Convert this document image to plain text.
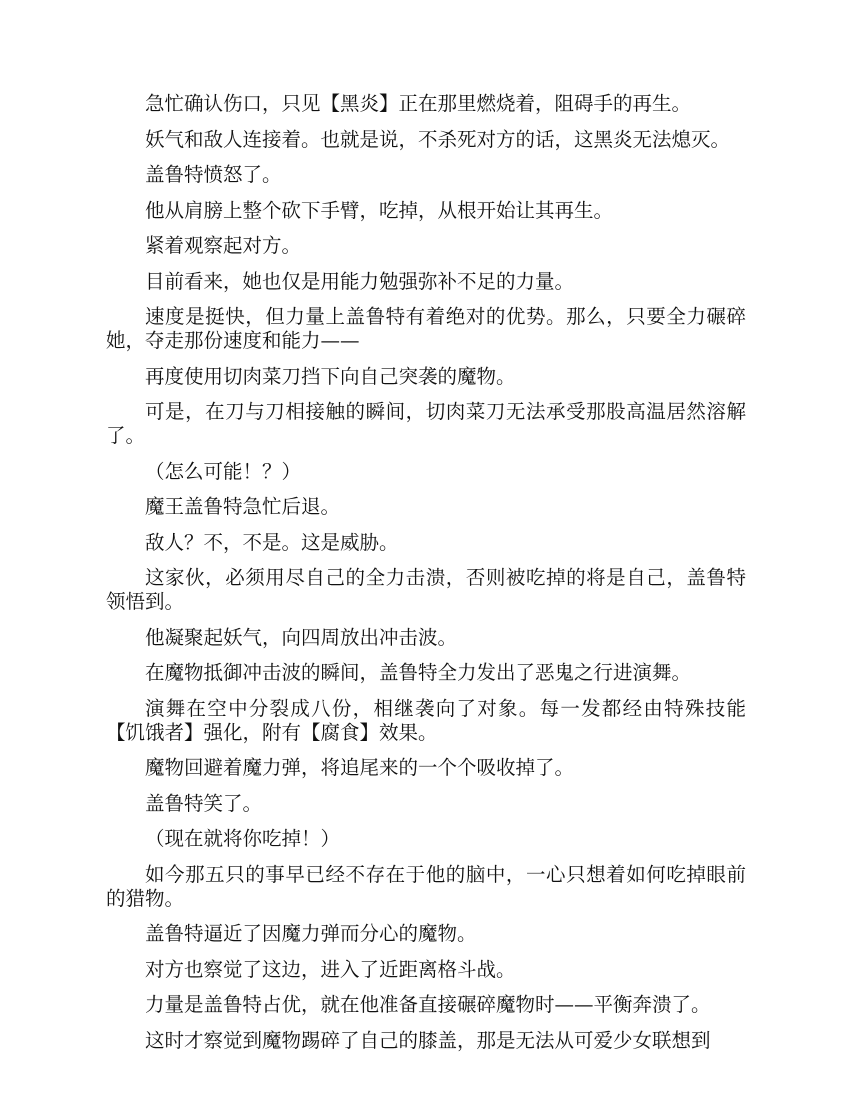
急忙确认伤口，只见【黑炎】正在那里燃烧着，阻碍手的再生。

妖气和敌人连接着。也就是说，不杀死对方的话，这黑炎无法熄灭。

盖鲁特愤怒了。

他从肩膀上整个砍下手臂，吃掉，从根开始让其再生。

紧着观察起对方。

目前看来，她也仅是用能力勉强弥补不足的力量。

速度是挺快，但力量上盖鲁特有着绝对的优势。那么，只要全力碾碎她，夺走那份速度和能力——

再度使用切肉菜刀挡下向自己突袭的魔物。

可是，在刀与刀相接触的瞬间，切肉菜刀无法承受那股高温居然溶解了。

（怎么可能！？）

魔王盖鲁特急忙后退。

敌人？不，不是。这是威胁。

这家伙，必须用尽自己的全力击溃，否则被吃掉的将是自己，盖鲁特领悟到。

他凝聚起妖气，向四周放出冲击波。

在魔物抵御冲击波的瞬间，盖鲁特全力发出了恶鬼之行进演舞。

演舞在空中分裂成八份，相继袭向了对象。每一发都经由特殊技能【饥饿者】强化，附有【腐食】效果。

魔物回避着魔力弹，将追尾来的一个个吸收掉了。

盖鲁特笑了。

（现在就将你吃掉！）

如今那五只的事早已经不存在于他的脑中，一心只想着如何吃掉眼前的猎物。

盖鲁特逼近了因魔力弹而分心的魔物。

对方也察觉了这边，进入了近距离格斗战。

力量是盖鲁特占优，就在他准备直接碾碎魔物时——平衡奔溃了。

这时才察觉到魔物踢碎了自己的膝盖，那是无法从可爱少女联想到
